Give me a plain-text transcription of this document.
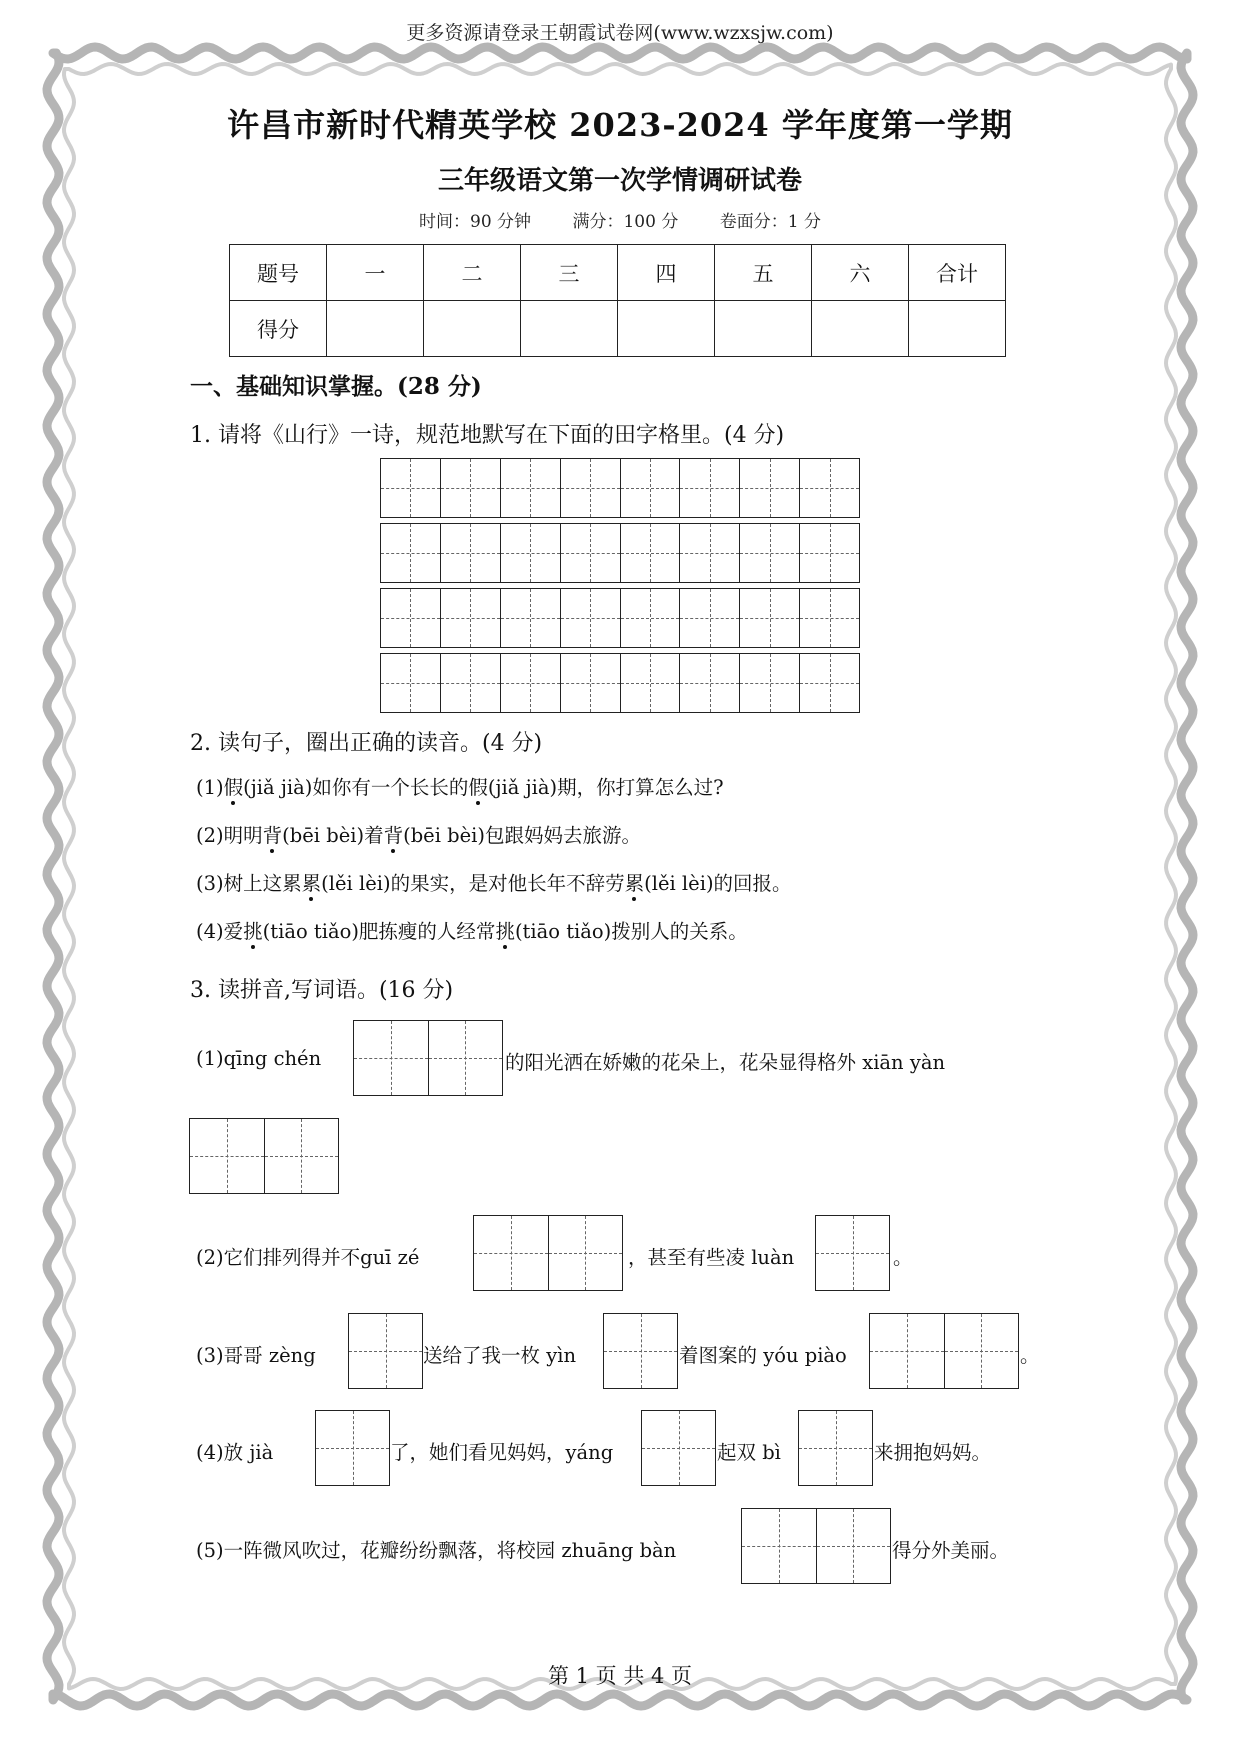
更多资源请登录王朝霞试卷网(www.wzxsjw.com)
许昌市新时代精英学校 2023-2024 学年度第一学期
三年级语文第一次学情调研试卷
时间：90 分钟 满分：100 分 卷面分：1 分
题号	一	二	三	四	五	六	合计
得分							
一、基础知识掌握。(28 分)
1. 请将《山行》一诗，规范地默写在下面的田字格里。(4 分)
2. 读句子，圈出正确的读音。(4 分)
(1)假(jiǎ jià)如你有一个长长的假(jiǎ jià)期，你打算怎么过?
(2)明明背(bēi bèi)着背(bēi bèi)包跟妈妈去旅游。
(3)树上这累累(lěi lèi)的果实，是对他长年不辞劳累(lěi lèi)的回报。
(4)爱挑(tiāo tiǎo)肥拣瘦的人经常挑(tiāo tiǎo)拨别人的关系。
3. 读拼音,写词语。(16 分)
(1)qīng chén	的阳光洒在娇嫩的花朵上，花朵显得格外 xiān yàn
(2)它们排列得并不guī zé	，甚至有些凌 luàn	。
(3)哥哥 zèng	送给了我一枚 yìn	着图案的 yóu piào	。
(4)放 jià	了，她们看见妈妈，yáng	起双 bì	来拥抱妈妈。
(5)一阵微风吹过，花瓣纷纷飘落，将校园 zhuāng bàn	得分外美丽。
第 1 页 共 4 页
